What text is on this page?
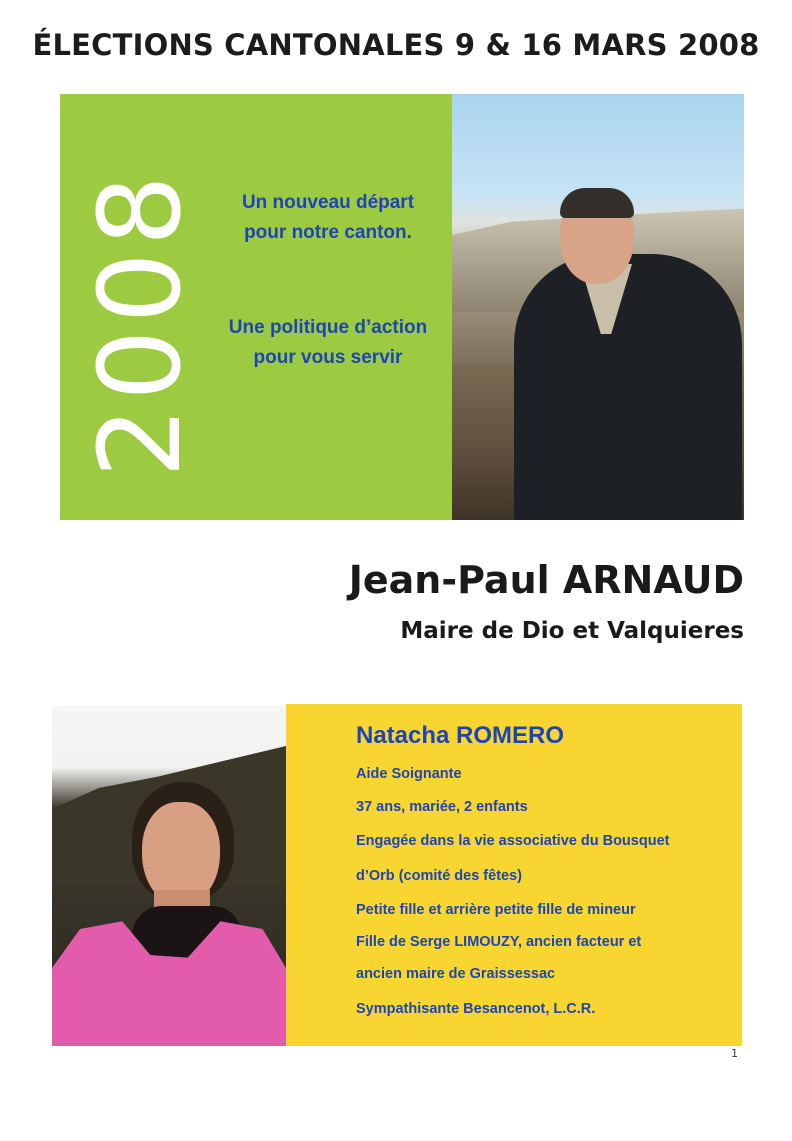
ÉLECTIONS CANTONALES 9 & 16 MARS 2008
2008	Un nouveau départ
pour notre canton.
Une politique d’action
pour vous servir
Jean-Paul ARNAUD
Maire de Dio et Valquieres
Natacha ROMERO
Aide Soignante
37 ans, mariée, 2 enfants
Engagée dans la vie associative du Bousquet
d’Orb (comité des fêtes)
Petite fille et arrière petite fille de mineur
Fille de Serge LIMOUZY, ancien facteur et
ancien maire de Graissessac
Sympathisante Besancenot, L.C.R.
1
